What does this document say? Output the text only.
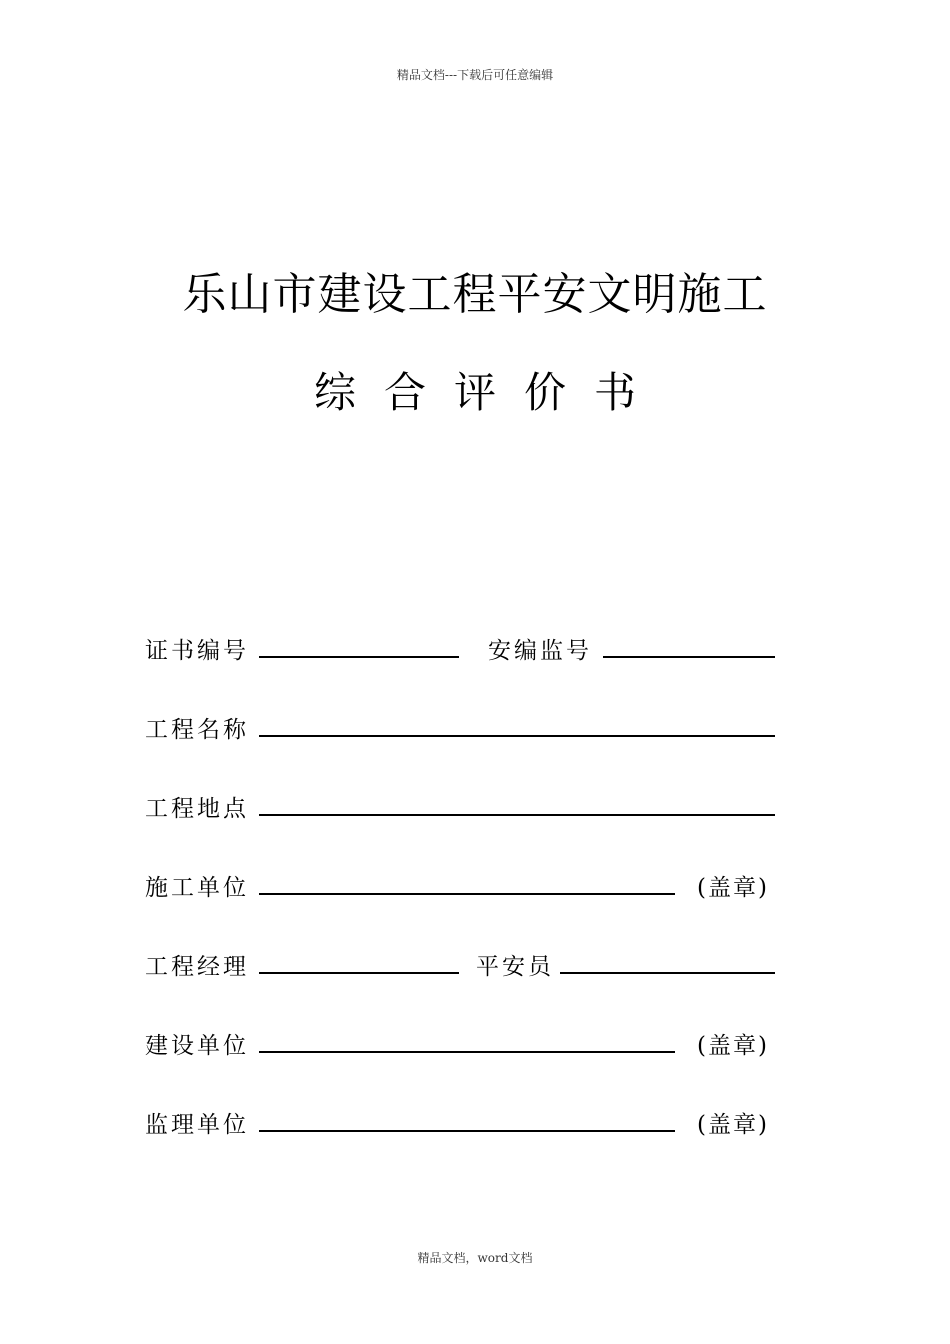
精品文档---下载后可任意编辑
乐山市建设工程平安文明施工
综合评价书
证书编号	安编监号
工程名称
工程地点
施工单位	(盖章)
工程经理	平安员
建设单位	(盖章)
监理单位	(盖章)
精品文档，word文档
